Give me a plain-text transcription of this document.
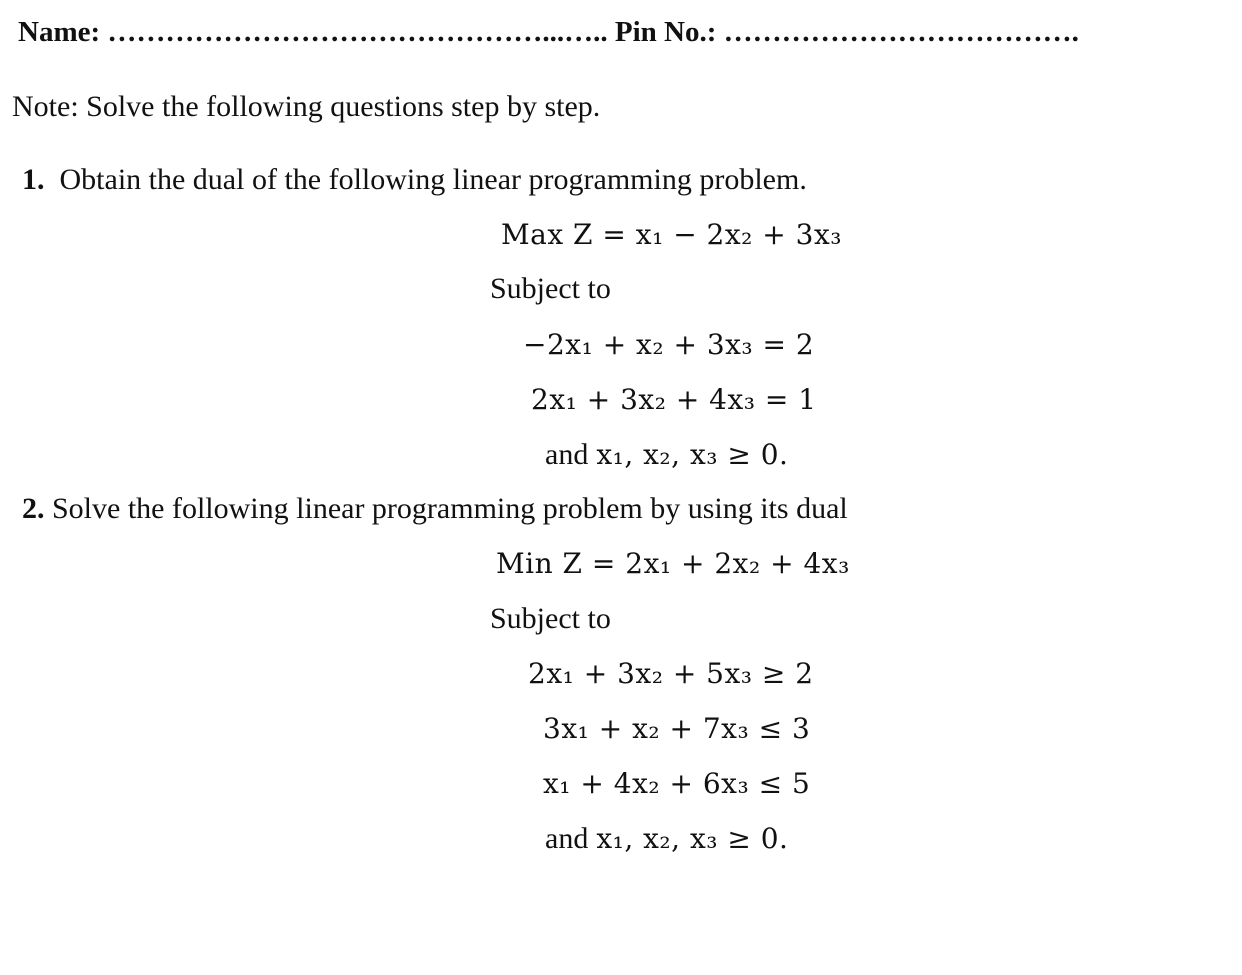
Name: ………………………………………...….. Pin No.: ……………………………….
Note: Solve the following questions step by step.
1. Obtain the dual of the following linear programming problem.
Max Z = x₁ − 2x₂ + 3x₃
Subject to
−2x₁ + x₂ + 3x₃ = 2
2x₁ + 3x₂ + 4x₃ = 1
and x₁, x₂, x₃ ≥ 0.
2. Solve the following linear programming problem by using its dual
Min Z = 2x₁ + 2x₂ + 4x₃
Subject to
2x₁ + 3x₂ + 5x₃ ≥ 2
3x₁ + x₂ + 7x₃ ≤ 3
x₁ + 4x₂ + 6x₃ ≤ 5
and x₁, x₂, x₃ ≥ 0.
